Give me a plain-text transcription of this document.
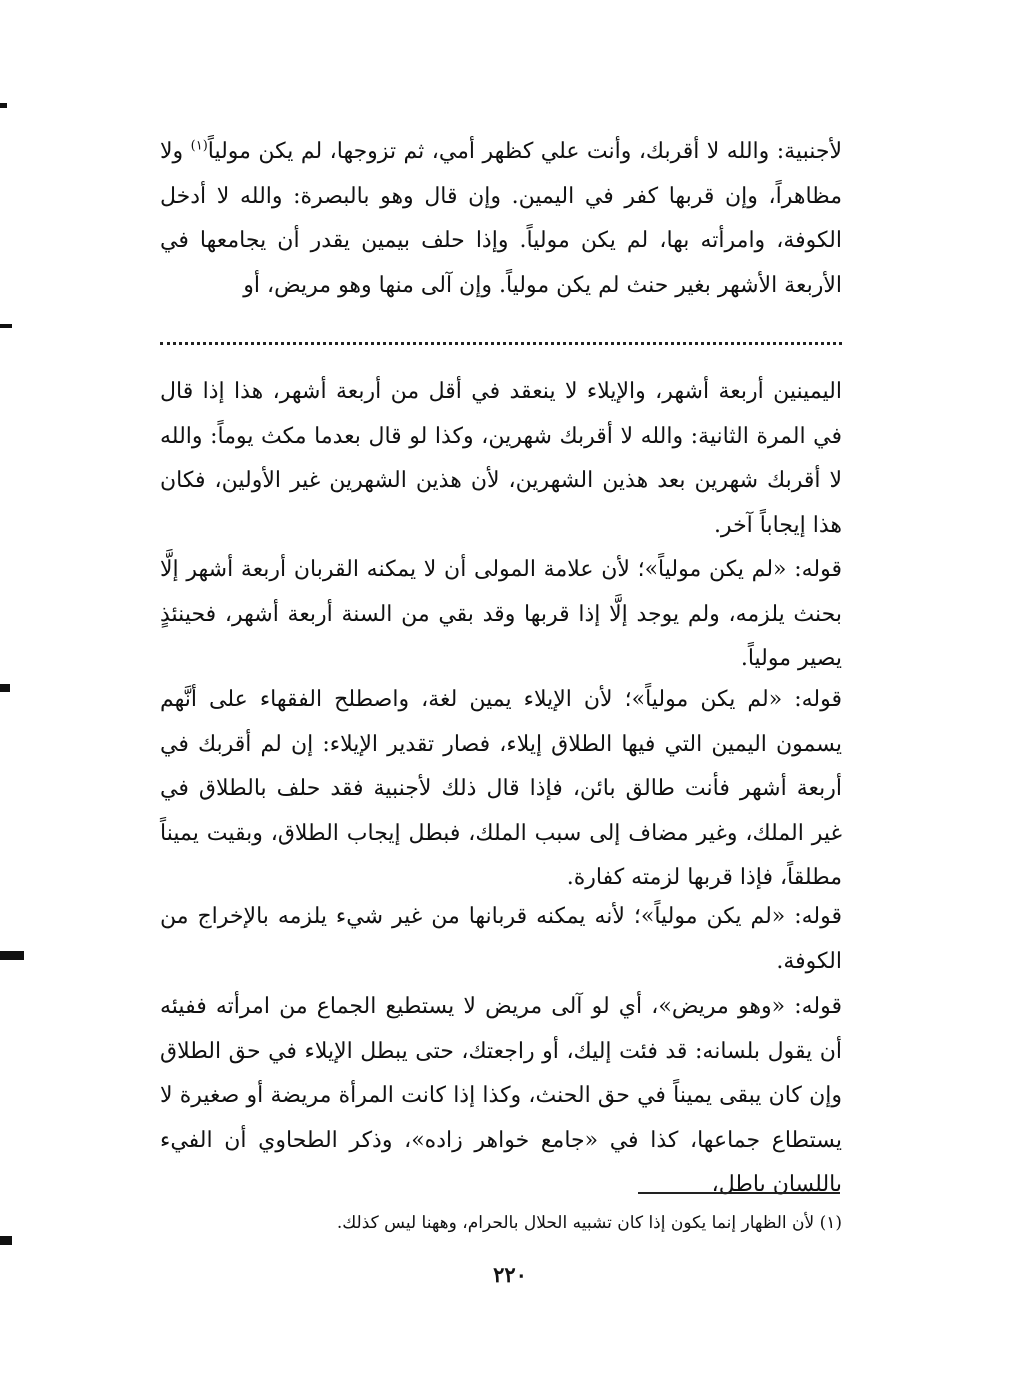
لأجنبية: والله لا أقربك، وأنت علي كظهر أمي، ثم تزوجها، لم يكن مولياً$^{(١)}$ ولا مظاهراً، وإن قربها كفر في اليمين. وإن قال وهو بالبصرة: والله لا أدخل الكوفة، وامرأته بها، لم يكن مولياً. وإذا حلف بيمين يقدر أن يجامعها في الأربعة الأشهر بغير حنث لم يكن مولياً. وإن آلى منها وهو مريض، أو

اليمينين أربعة أشهر، والإيلاء لا ينعقد في أقل من أربعة أشهر، هذا إذا قال في المرة الثانية: والله لا أقربك شهرين، وكذا لو قال بعدما مكث يوماً: والله لا أقربك شهرين بعد هذين الشهرين، لأن هذين الشهرين غير الأولين، فكان هذا إيجاباً آخر.

قوله: «لم يكن مولياً»؛ لأن علامة المولى أن لا يمكنه القربان أربعة أشهر إلَّا بحنث يلزمه، ولم يوجد إلَّا إذا قربها وقد بقي من السنة أربعة أشهر، فحينئذٍ يصير مولياً.

قوله: «لم يكن مولياً»؛ لأن الإيلاء يمين لغة، واصطلح الفقهاء على أنَّهم يسمون اليمين التي فيها الطلاق إيلاء، فصار تقدير الإيلاء: إن لم أقربك في أربعة أشهر فأنت طالق بائن، فإذا قال ذلك لأجنبية فقد حلف بالطلاق في غير الملك، وغير مضاف إلى سبب الملك، فبطل إيجاب الطلاق، وبقيت يميناً مطلقاً، فإذا قربها لزمته كفارة.

قوله: «لم يكن مولياً»؛ لأنه يمكنه قربانها من غير شيء يلزمه بالإخراج من الكوفة.

قوله: «وهو مريض»، أي لو آلى مريض لا يستطيع الجماع من امرأته ففيئه أن يقول بلسانه: قد فئت إليك، أو راجعتك، حتى يبطل الإيلاء في حق الطلاق وإن كان يبقى يميناً في حق الحنث، وكذا إذا كانت المرأة مريضة أو صغيرة لا يستطاع جماعها، كذا في «جامع خواهر زاده»، وذكر الطحاوي أن الفيء باللسان باطل،

(١) لأن الظهار إنما يكون إذا كان تشبيه الحلال بالحرام، وههنا ليس كذلك.

٢٢٠
